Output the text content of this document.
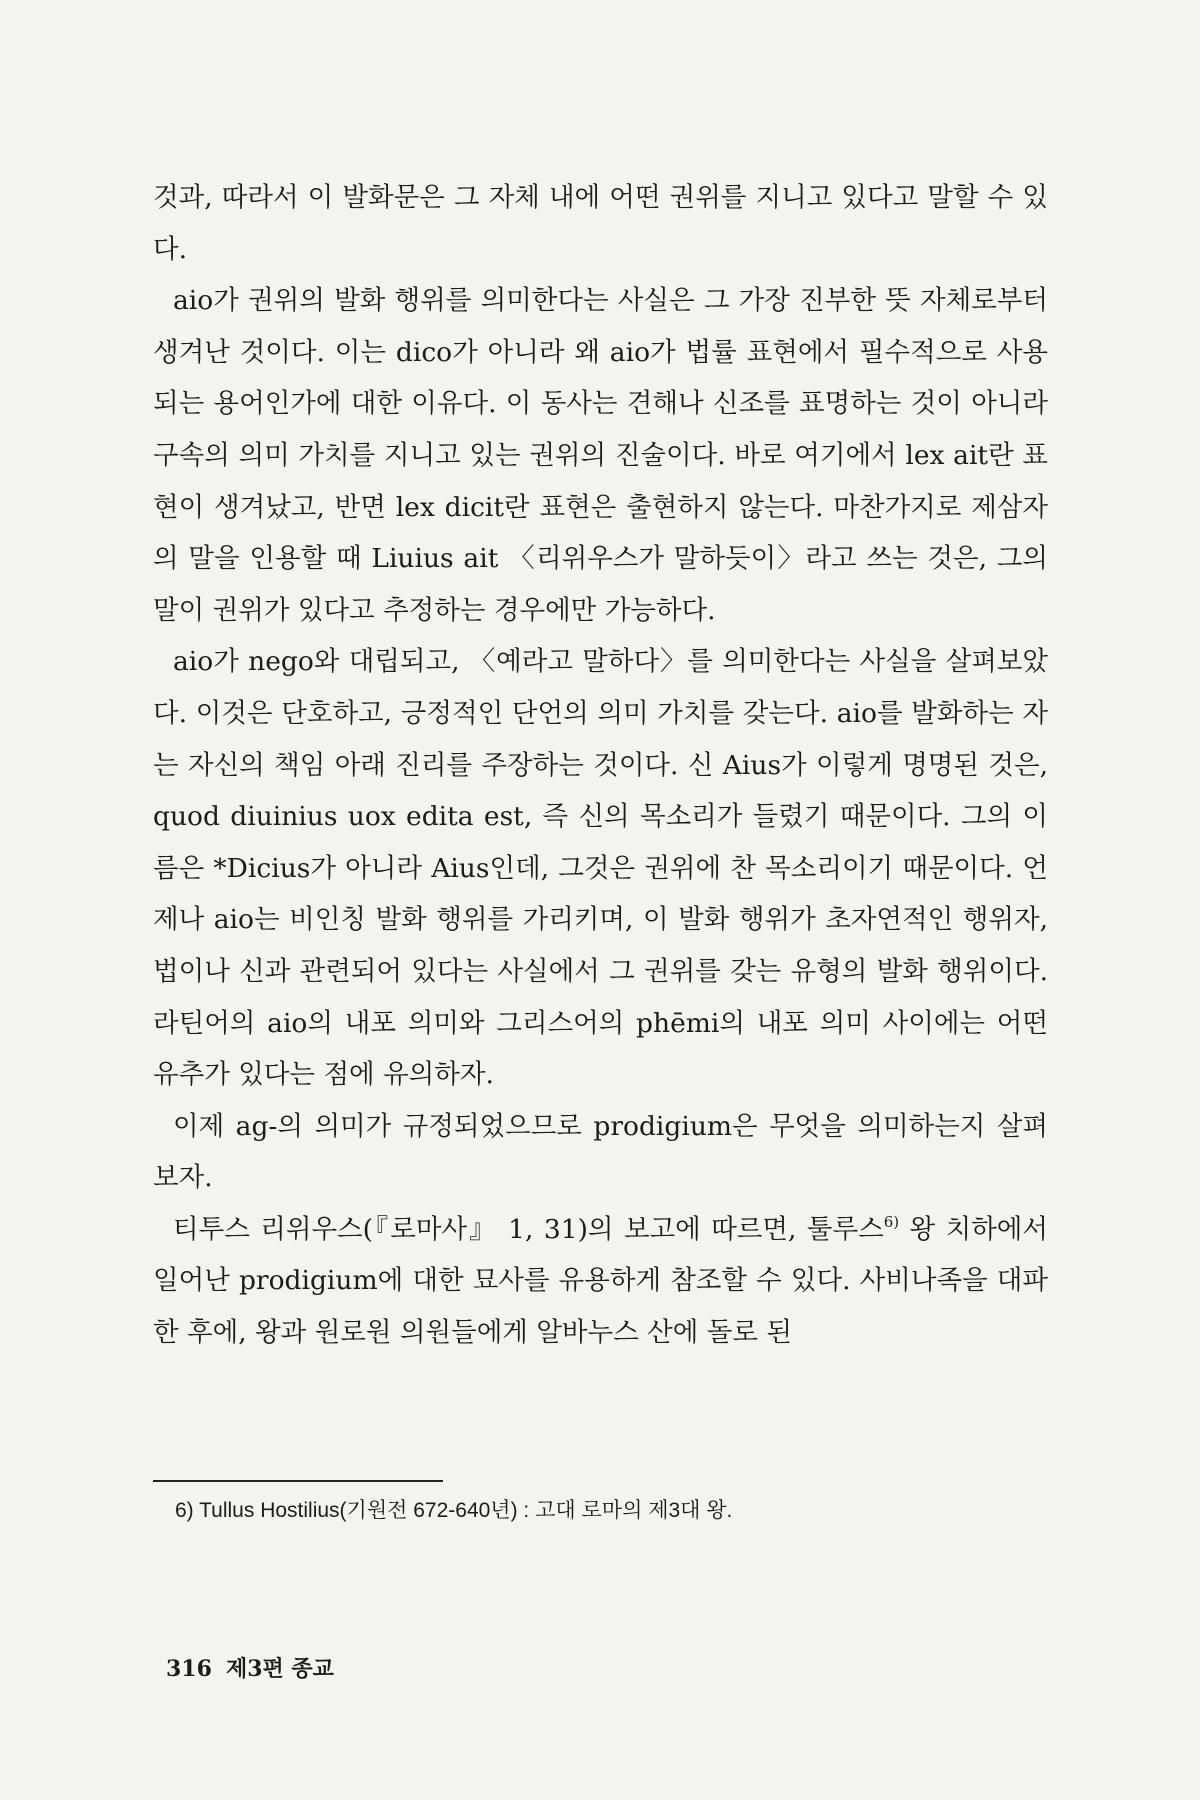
것과, 따라서 이 발화문은 그 자체 내에 어떤 권위를 지니고 있다고 말할 수 있다.

aio가 권위의 발화 행위를 의미한다는 사실은 그 가장 진부한 뜻 자체로부터 생겨난 것이다. 이는 dico가 아니라 왜 aio가 법률 표현에서 필수적으로 사용되는 용어인가에 대한 이유다. 이 동사는 견해나 신조를 표명하는 것이 아니라 구속의 의미 가치를 지니고 있는 권위의 진술이다. 바로 여기에서 lex ait란 표현이 생겨났고, 반면 lex dicit란 표현은 출현하지 않는다. 마찬가지로 제삼자의 말을 인용할 때 Liuius ait 〈리위우스가 말하듯이〉라고 쓰는 것은, 그의 말이 권위가 있다고 추정하는 경우에만 가능하다.

aio가 nego와 대립되고, 〈예라고 말하다〉를 의미한다는 사실을 살펴보았다. 이것은 단호하고, 긍정적인 단언의 의미 가치를 갖는다. aio를 발화하는 자는 자신의 책임 아래 진리를 주장하는 것이다. 신 Aius가 이렇게 명명된 것은, quod diuinius uox edita est, 즉 신의 목소리가 들렸기 때문이다. 그의 이름은 *Dicius가 아니라 Aius인데, 그것은 권위에 찬 목소리이기 때문이다. 언제나 aio는 비인칭 발화 행위를 가리키며, 이 발화 행위가 초자연적인 행위자, 법이나 신과 관련되어 있다는 사실에서 그 권위를 갖는 유형의 발화 행위이다. 라틴어의 aio의 내포 의미와 그리스어의 phēmi의 내포 의미 사이에는 어떤 유추가 있다는 점에 유의하자.

이제 ag-의 의미가 규정되었으므로 prodigium은 무엇을 의미하는지 살펴보자.

티투스 리위우스(『로마사』 1, 31)의 보고에 따르면, 툴루스$^{6)}$ 왕 치하에서 일어난 prodigium에 대한 묘사를 유용하게 참조할 수 있다. 사비나족을 대파한 후에, 왕과 원로원 의원들에게 알바누스 산에 돌로 된

6) Tullus Hostilius(기원전 672-640년) : 고대 로마의 제3대 왕.
316 제3편 종교
